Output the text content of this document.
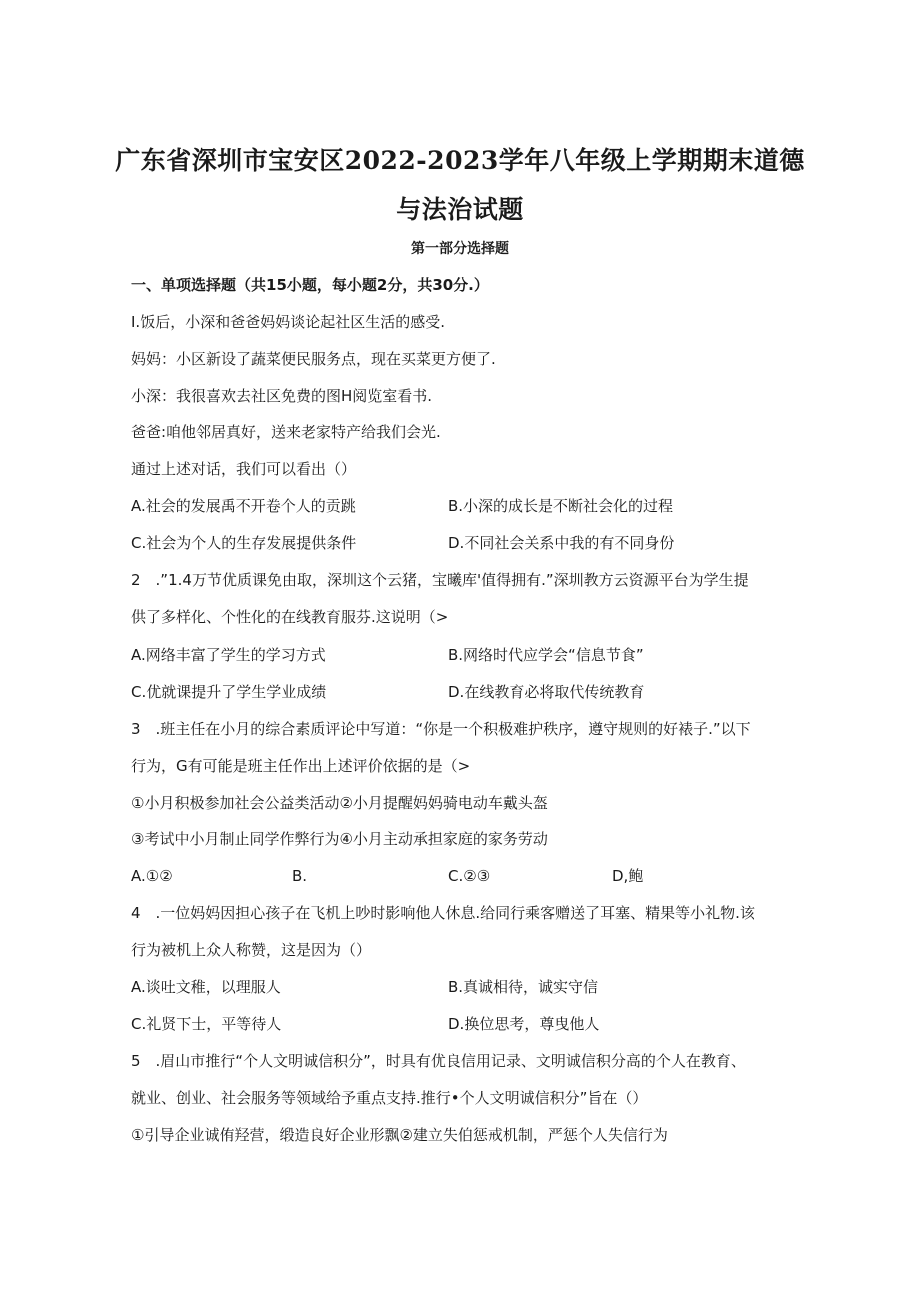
广东省深圳市宝安区2022-2023学年八年级上学期期末道德
与法治试题
第一部分选择题
一、单项选择题（共15小题，每小题2分，共30分.）
I.饭后，小深和爸爸妈妈谈论起社区生活的感受.
妈妈：小区新设了蔬菜便民服务点，现在买菜更方便了.
小深：我很喜欢去社区免费的图H阅览室看书.
爸爸:咱他邻居真好，送来老家特产给我们会光.
通过上述对话，我们可以看出（）
A.社会的发展禹不开卷个人的贡跳	B.小深的成长是不断社会化的过程
C.社会为个人的生存发展提供条件	D.不同社会关系中我的有不同身份
2　.”1.4万节优质课免由取，深圳这个云猪，宝曦库'值得拥有.”深圳教方云资源平台为学生提
供了多样化、个性化的在线教育服芬.这说明（>
A.网络丰富了学生的学习方式	B.网络时代应学会“信息节食”
C.优就课提升了学生学业成绩	D.在线教育必将取代传统教育
3　.班主任在小月的综合素质评论中写道：“你是一个积极难护秩序，遵守规则的好裱子.”以下
行为，G有可能是班主任作出上述评价依据的是（>
①小月积极参加社会公益类活动②小月提醒妈妈骑电动车戴头盔
③考试中小月制止同学作弊行为④小月主动承担家庭的家务劳动
A.①②	B.	C.②③	D,鲍
4　.一位妈妈因担心孩子在飞机上吵时影响他人休息.给同行乘客赠送了耳塞、精果等小礼物.该
行为被机上众人称赞，这是因为（）
A.谈吐文稚，以理服人	B.真诚相待，诚实守信
C.礼贤下士，平等待人	D.换位思考，尊曳他人
5　.眉山市推行“个人文明诚信积分”，时具有优良信用记录、文明诚信积分高的个人在教育、
就业、创业、社会服务等领域给予重点支持.推行•个人文明诚信积分”旨在（）
①引导企业诚侑羟营，缎造良好企业形飘②建立失伯惩戒机制，严惩个人失信行为
